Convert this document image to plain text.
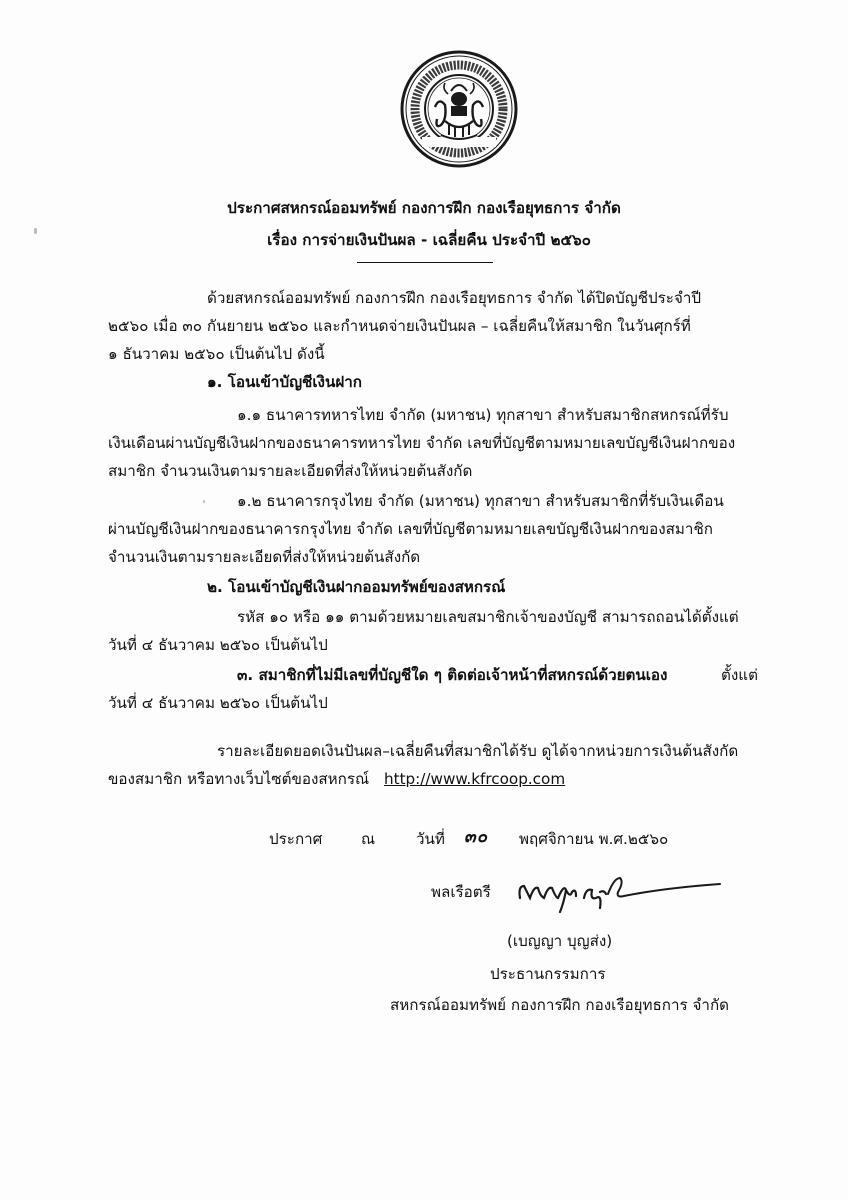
ประกาศสหกรณ์ออมทรัพย์ กองการฝึก กองเรือยุทธการ จำกัด
เรื่อง การจ่ายเงินปันผล - เฉลี่ยคืน ประจำปี ๒๕๖๐
ด้วยสหกรณ์ออมทรัพย์ กองการฝึก กองเรือยุทธการ จำกัด ได้ปิดบัญชีประจำปี
๒๕๖๐ เมื่อ ๓๐ กันยายน ๒๕๖๐ และกำหนดจ่ายเงินปันผล – เฉลี่ยคืนให้สมาชิก ในวันศุกร์ที่
๑ ธันวาคม ๒๕๖๐ เป็นต้นไป ดังนี้
๑. โอนเข้าบัญชีเงินฝาก
๑.๑ ธนาคารทหารไทย จำกัด (มหาชน) ทุกสาขา สำหรับสมาชิกสหกรณ์ที่รับ
เงินเดือนผ่านบัญชีเงินฝากของธนาคารทหารไทย จำกัด เลขที่บัญชีตามหมายเลขบัญชีเงินฝากของ
สมาชิก จำนวนเงินตามรายละเอียดที่ส่งให้หน่วยต้นสังกัด
๑.๒ ธนาคารกรุงไทย จำกัด (มหาชน) ทุกสาขา สำหรับสมาชิกที่รับเงินเดือน
ผ่านบัญชีเงินฝากของธนาคารกรุงไทย จำกัด เลขที่บัญชีตามหมายเลขบัญชีเงินฝากของสมาชิก
จำนวนเงินตามรายละเอียดที่ส่งให้หน่วยต้นสังกัด
๒. โอนเข้าบัญชีเงินฝากออมทรัพย์ของสหกรณ์
รหัส ๑๐ หรือ ๑๑ ตามด้วยหมายเลขสมาชิกเจ้าของบัญชี สามารถถอนได้ตั้งแต่
วันที่ ๔ ธันวาคม ๒๕๖๐ เป็นต้นไป
๓. สมาชิกที่ไม่มีเลขที่บัญชีใด ๆ ติดต่อเจ้าหน้าที่สหกรณ์ด้วยตนเอง	ตั้งแต่
วันที่ ๔ ธันวาคม ๒๕๖๐ เป็นต้นไป
รายละเอียดยอดเงินปันผล–เฉลี่ยคืนที่สมาชิกได้รับ ดูได้จากหน่วยการเงินต้นสังกัด
ของสมาชิก หรือทางเว็บไซต์ของสหกรณ์ http://www.kfrcoop.com
ประกาศ	ณ	วันที่ ๓๐ พฤศจิกายน พ.ศ.๒๕๖๐
พลเรือตรี
(เบญญา บุญส่ง)
ประธานกรรมการ
สหกรณ์ออมทรัพย์ กองการฝึก กองเรือยุทธการ จำกัด
